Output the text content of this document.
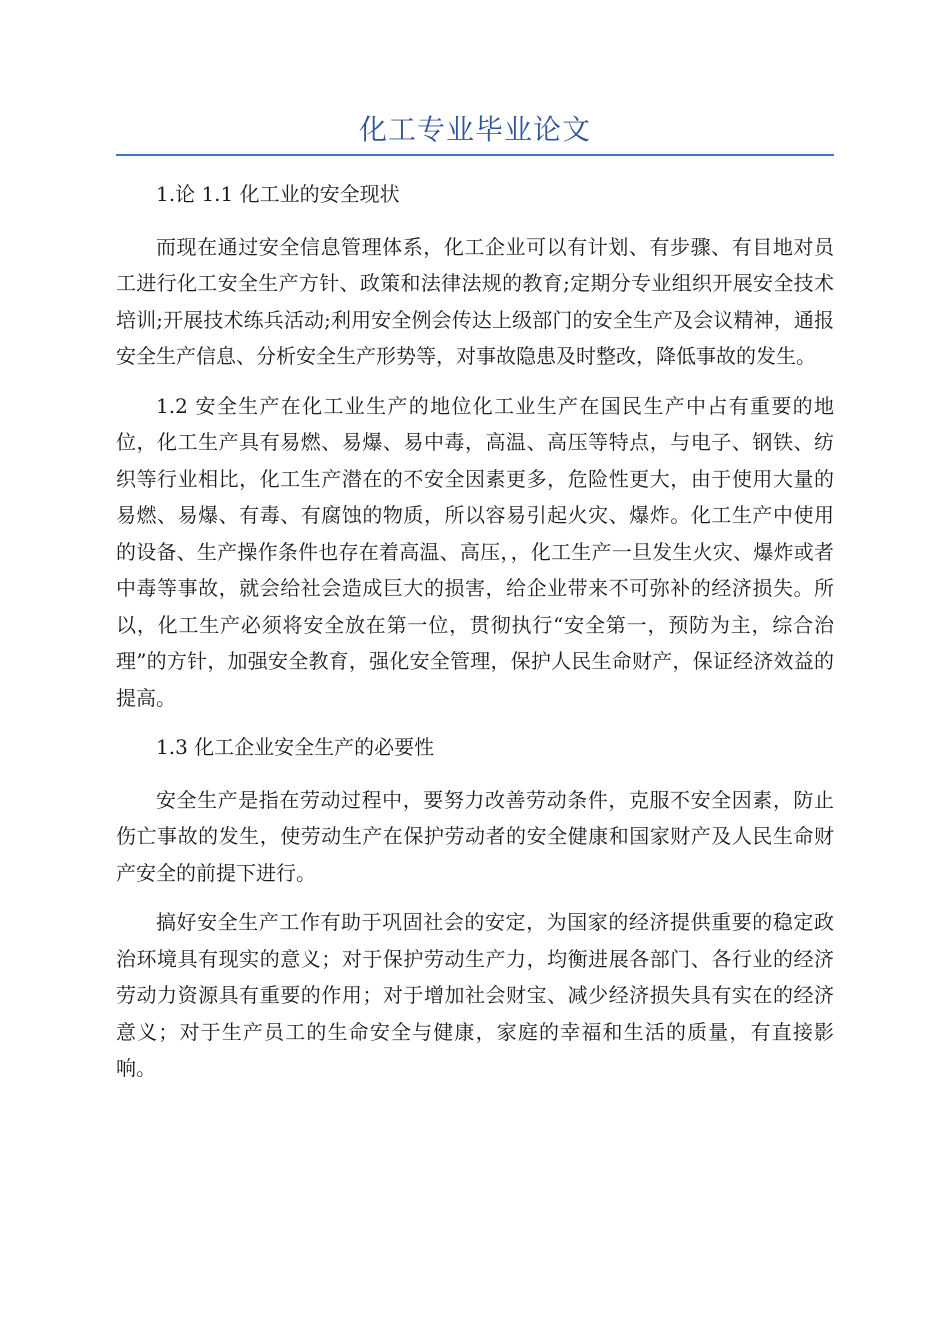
化工专业毕业论文

1.论 1.1 化工业的安全现状

而现在通过安全信息管理体系，化工企业可以有计划、有步骤、有目地对员工进行化工安全生产方针、政策和法律法规的教育;定期分专业组织开展安全技术培训;开展技术练兵活动;利用安全例会传达上级部门的安全生产及会议精神，通报安全生产信息、分析安全生产形势等，对事故隐患及时整改，降低事故的发生。

1.2 安全生产在化工业生产的地位化工业生产在国民生产中占有重要的地位，化工生产具有易燃、易爆、易中毒，高温、高压等特点，与电子、钢铁、纺织等行业相比，化工生产潜在的不安全因素更多，危险性更大，由于使用大量的易燃、易爆、有毒、有腐蚀的物质，所以容易引起火灾、爆炸。化工生产中使用的设备、生产操作条件也存在着高温、高压，，化工生产一旦发生火灾、爆炸或者中毒等事故，就会给社会造成巨大的损害，给企业带来不可弥补的经济损失。所以，化工生产必须将安全放在第一位，贯彻执行“安全第一，预防为主，综合治理”的方针，加强安全教育，强化安全管理，保护人民生命财产，保证经济效益的提高。

1.3 化工企业安全生产的必要性

安全生产是指在劳动过程中，要努力改善劳动条件，克服不安全因素，防止伤亡事故的发生，使劳动生产在保护劳动者的安全健康和国家财产及人民生命财产安全的前提下进行。

搞好安全生产工作有助于巩固社会的安定，为国家的经济提供重要的稳定政治环境具有现实的意义；对于保护劳动生产力，均衡进展各部门、各行业的经济劳动力资源具有重要的作用；对于增加社会财宝、减少经济损失具有实在的经济意义；对于生产员工的生命安全与健康，家庭的幸福和生活的质量，有直接影响。
